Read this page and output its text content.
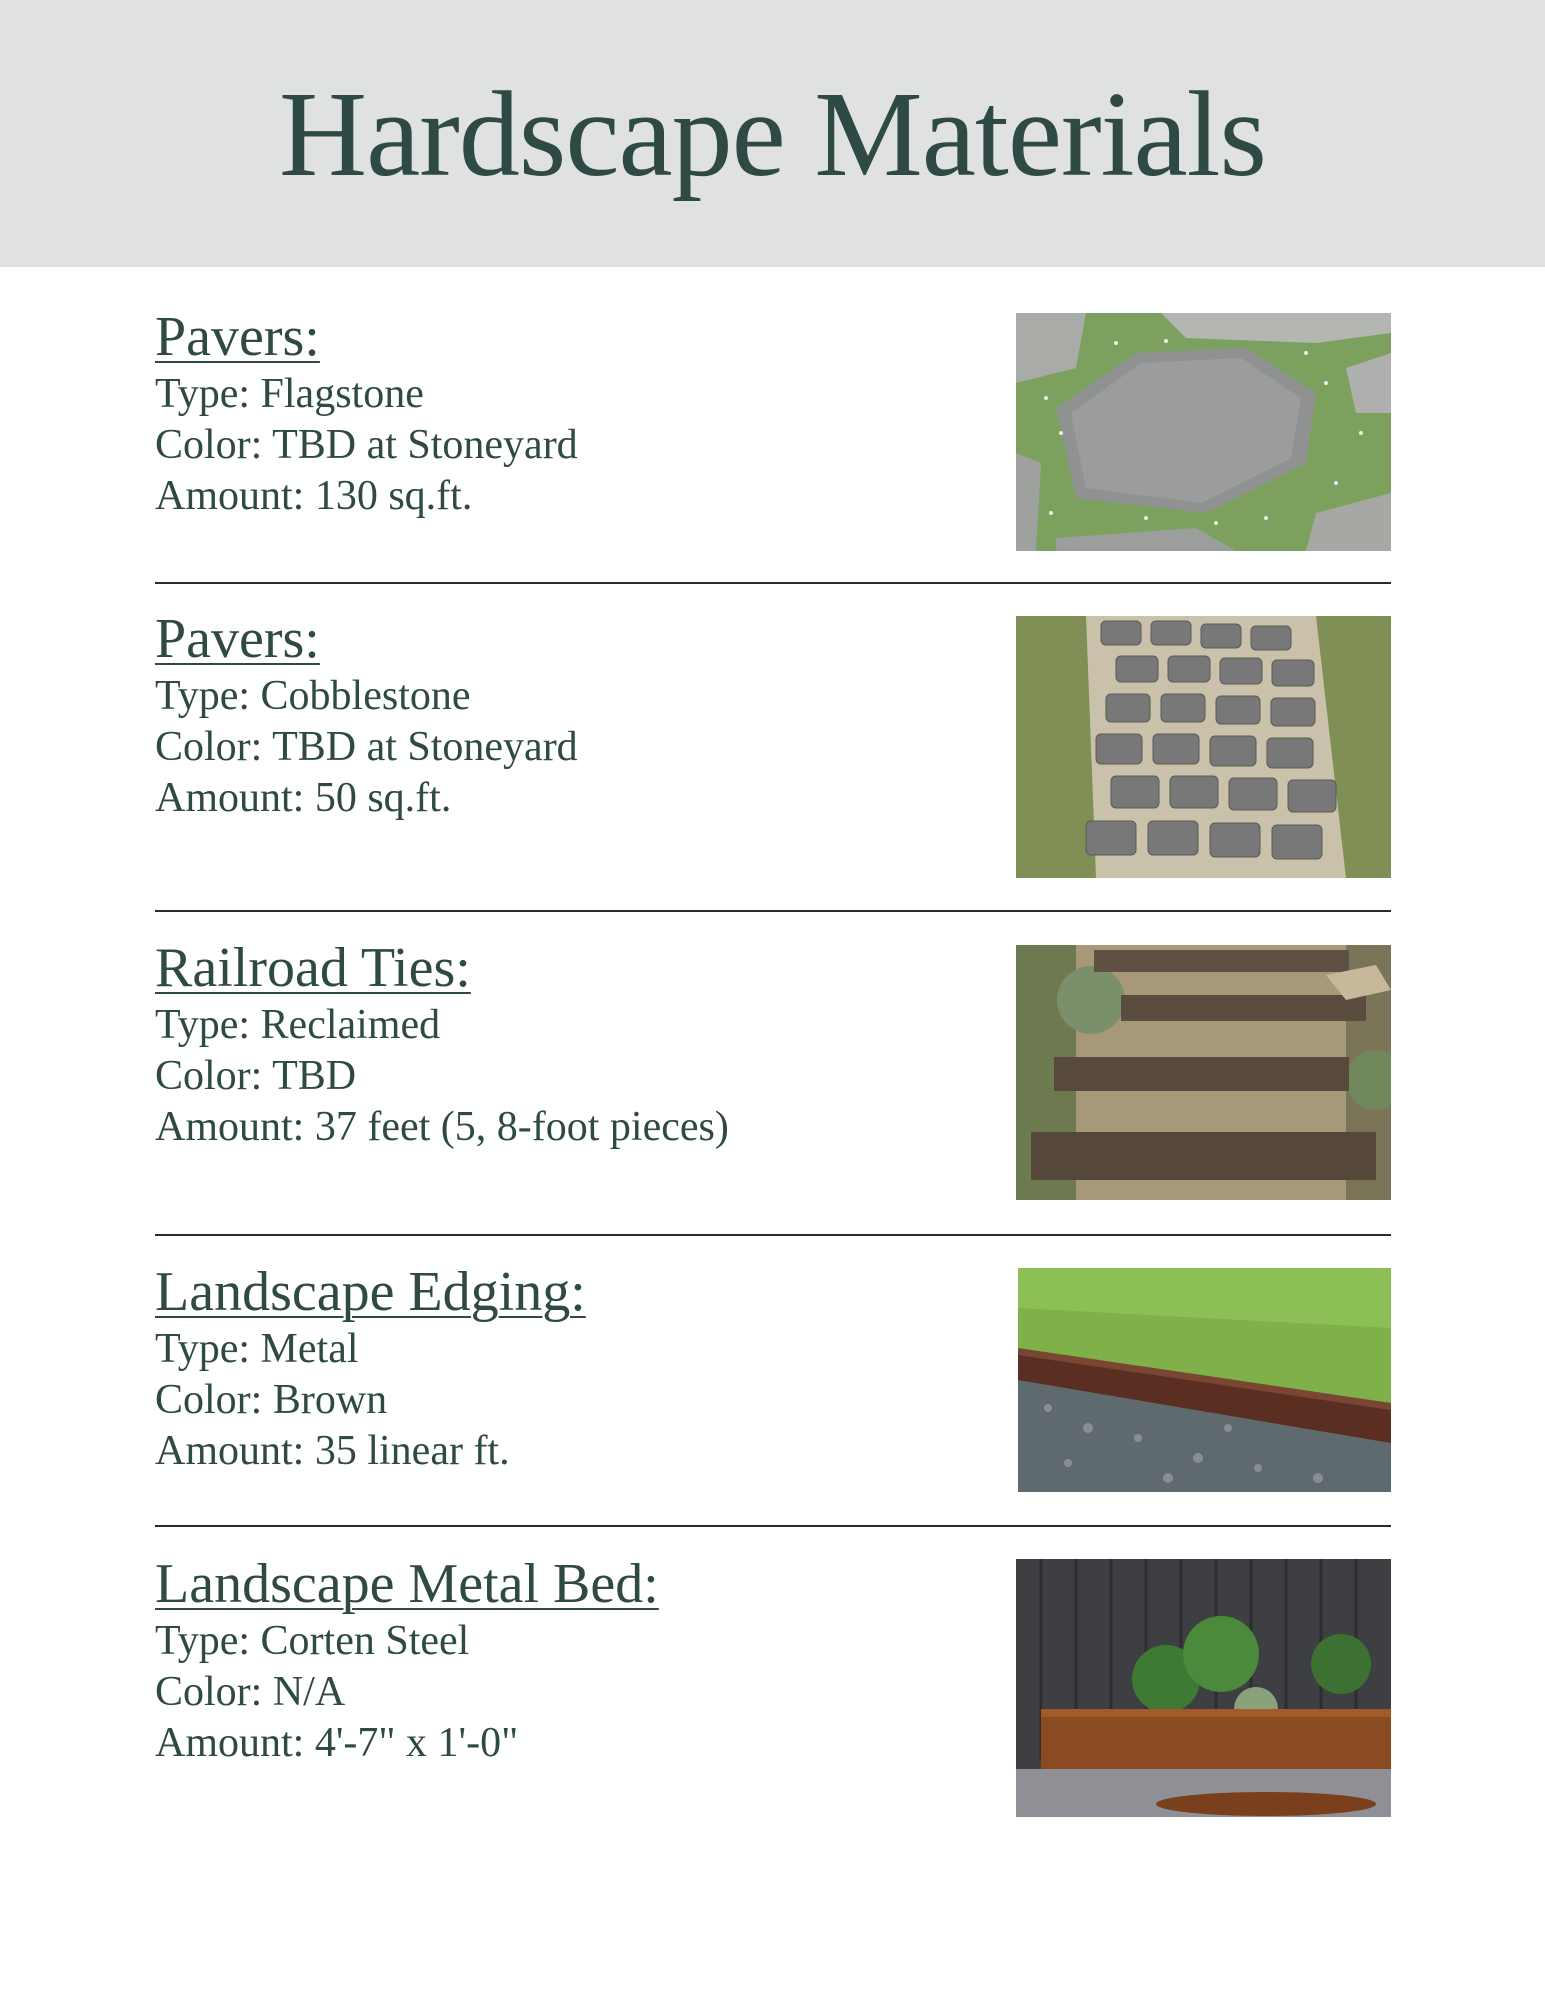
Hardscape Materials
Pavers:
Type: Flagstone
Color: TBD at Stoneyard
Amount: 130 sq.ft.
Pavers:
Type: Cobblestone
Color: TBD at Stoneyard
Amount: 50 sq.ft.
Railroad Ties:
Type: Reclaimed
Color: TBD
Amount: 37 feet (5, 8-foot pieces)
Landscape Edging:
Type: Metal
Color: Brown
Amount: 35 linear ft.
Landscape Metal Bed:
Type: Corten Steel
Color: N/A
Amount: 4'-7" x 1'-0"
